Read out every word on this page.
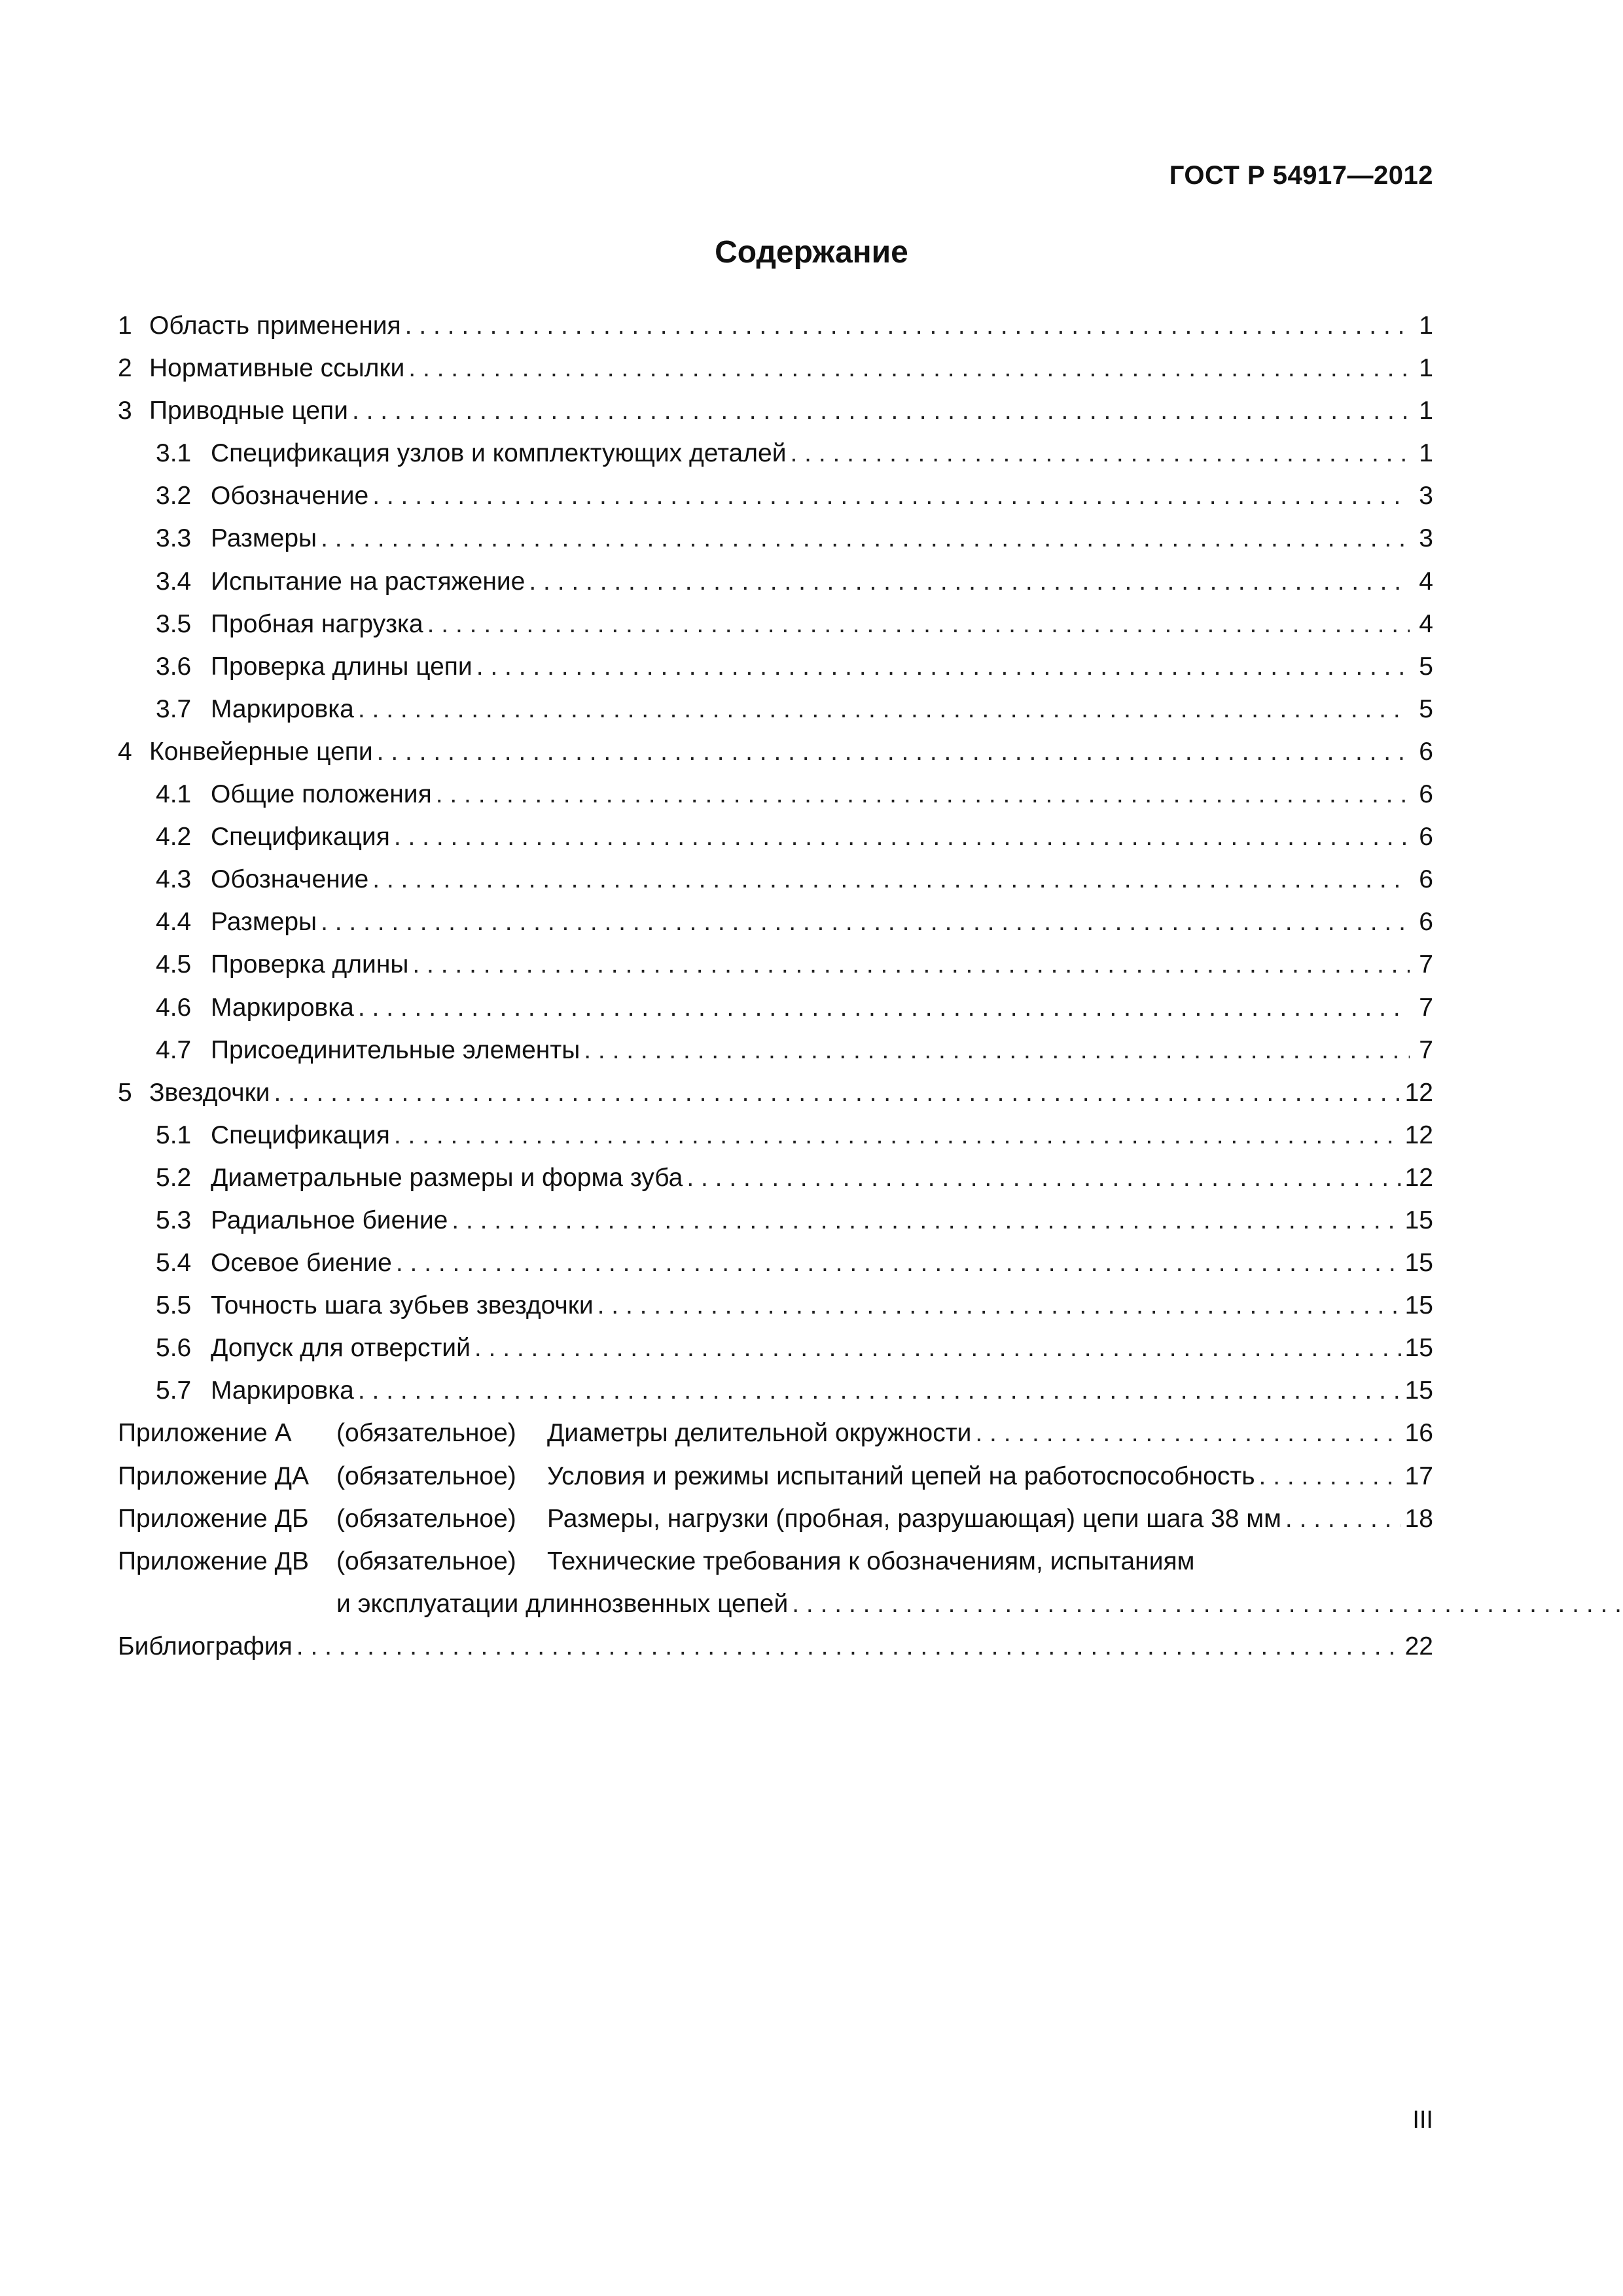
ГОСТ Р 54917—2012
Содержание
1 Область применения . . .	1
2 Нормативные ссылки . . .	1
3 Приводные цепи . . .	1
3.1 Спецификация узлов и комплектующих деталей . . .	1
3.2 Обозначение . . .	3
3.3 Размеры . . .	3
3.4 Испытание на растяжение . . .	4
3.5 Пробная нагрузка . . .	4
3.6 Проверка длины цепи . . .	5
3.7 Маркировка . . .	5
4 Конвейерные цепи . . .	6
4.1 Общие положения . . .	6
4.2 Спецификация . . .	6
4.3 Обозначение . . .	6
4.4 Размеры . . .	6
4.5 Проверка длины . . .	7
4.6 Маркировка . . .	7
4.7 Присоединительные элементы . . .	7
5 Звездочки . . .	12
5.1 Спецификация . . .	12
5.2 Диаметральные размеры и форма зуба . . .	12
5.3 Радиальное биение . . .	15
5.4 Осевое биение . . .	15
5.5 Точность шага зубьев звездочки . . .	15
5.6 Допуск для отверстий . . .	15
5.7 Маркировка . . .	15
Приложение А	(обязательное)	Диаметры делительной окружности . . .	16
Приложение ДА	(обязательное)	Условия и режимы испытаний цепей на работоспособность . . .	17
Приложение ДБ	(обязательное)	Размеры, нагрузки (пробная, разрушающая) цепи шага 38 мм . . .	18
Приложение ДВ	(обязательное)	Технические требования к обозначениям, испытаниям
и эксплуатации длиннозвенных цепей
. . .
Библиография . . .	22
III
